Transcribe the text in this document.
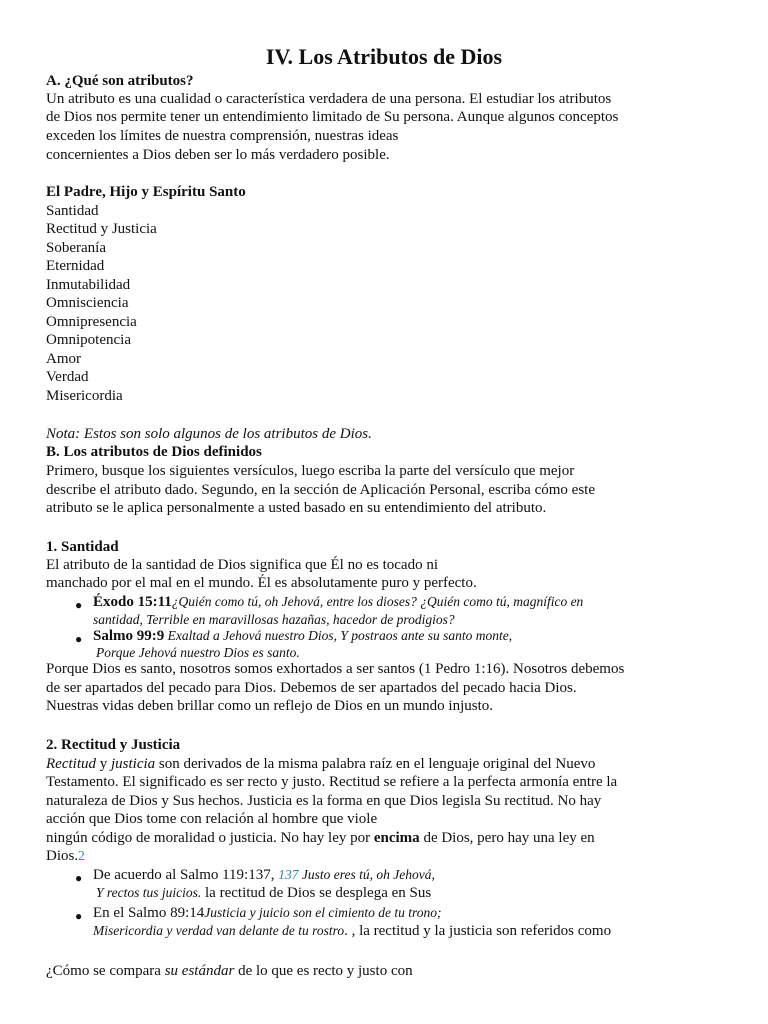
IV. Los Atributos de Dios
A. ¿Qué son atributos?
Un atributo es una cualidad o característica verdadera de una persona. El estudiar los atributos
de Dios nos permite tener un entendimiento limitado de Su persona. Aunque algunos conceptos
exceden los límites de nuestra comprensión, nuestras ideas
concernientes a Dios deben ser lo más verdadero posible.
El Padre, Hijo y Espíritu Santo
Santidad
Rectitud y Justicia
Soberanía
Eternidad
Inmutabilidad
Omnisciencia
Omnipresencia
Omnipotencia
Amor
Verdad
Misericordia
Nota: Estos son solo algunos de los atributos de Dios.
B. Los atributos de Dios definidos
Primero, busque los siguientes versículos, luego escriba la parte del versículo que mejor
describe el atributo dado. Segundo, en la sección de Aplicación Personal, escriba cómo este
atributo se le aplica personalmente a usted basado en su entendimiento del atributo.
1. Santidad
El atributo de la santidad de Dios significa que Él no es tocado ni
manchado por el mal en el mundo. Él es absolutamente puro y perfecto.
● Éxodo 15:11¿Quién como tú, oh Jehová, entre los dioses? ¿Quién como tú, magnífico en
santidad, Terrible en maravillosas hazañas, hacedor de prodigios?
● Salmo 99:9 Exaltad a Jehová nuestro Dios, Y postraos ante su santo monte,
Porque Jehová nuestro Dios es santo.
Porque Dios es santo, nosotros somos exhortados a ser santos (1 Pedro 1:16). Nosotros debemos
de ser apartados del pecado para Dios. Debemos de ser apartados del pecado hacia Dios.
Nuestras vidas deben brillar como un reflejo de Dios en un mundo injusto.
2. Rectitud y Justicia
Rectitud y justicia son derivados de la misma palabra raíz en el lenguaje original del Nuevo
Testamento. El significado es ser recto y justo. Rectitud se refiere a la perfecta armonía entre la
naturaleza de Dios y Sus hechos. Justicia es la forma en que Dios legisla Su rectitud. No hay
acción que Dios tome con relación al hombre que viole
ningún código de moralidad o justicia. No hay ley por encima de Dios, pero hay una ley en
Dios.2
● De acuerdo al Salmo 119:137, 137 Justo eres tú, oh Jehová,
Y rectos tus juicios. la rectitud de Dios se desplega en Sus
● En el Salmo 89:14Justicia y juicio son el cimiento de tu trono;
Misericordia y verdad van delante de tu rostro. , la rectitud y la justicia son referidos como
¿Cómo se compara su estándar de lo que es recto y justo con
